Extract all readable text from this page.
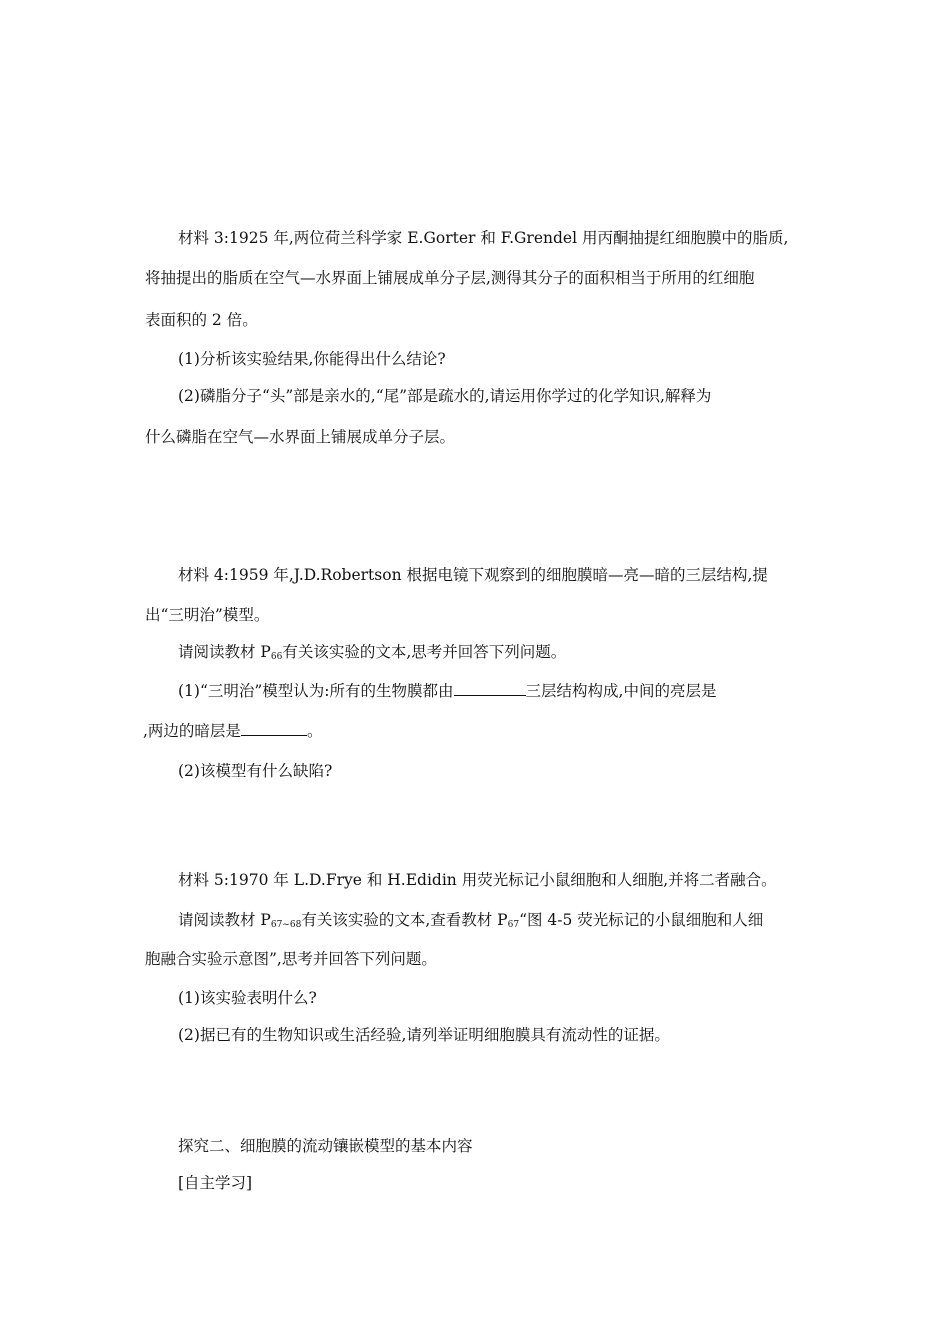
材料 3:1925 年,两位荷兰科学家 E.Gorter 和 F.Grendel 用丙酮抽提红细胞膜中的脂质,
将抽提出的脂质在空气—水界面上铺展成单分子层,测得其分子的面积相当于所用的红细胞
表面积的 2 倍。
(1)分析该实验结果,你能得出什么结论?
(2)磷脂分子“头”部是亲水的,“尾”部是疏水的,请运用你学过的化学知识,解释为
什么磷脂在空气—水界面上铺展成单分子层。
材料 4:1959 年,J.D.Robertson 根据电镜下观察到的细胞膜暗—亮—暗的三层结构,提
出“三明治”模型。
请阅读教材 $P_{66}$有关该实验的文本,思考并回答下列问题。
(1)“三明治”模型认为:所有的生物膜都由	三层结构构成,中间的亮层是
,两边的暗层是	。
(2)该模型有什么缺陷?
材料 5:1970 年 L.D.Frye 和 H.Edidin 用荧光标记小鼠细胞和人细胞,并将二者融合。
请阅读教材 $P_{67\sim 68}$有关该实验的文本,查看教材 $P_{67}“$图 4-5 荧光标记的小鼠细胞和人细
胞融合实验示意图”,思考并回答下列问题。
(1)该实验表明什么?
(2)据已有的生物知识或生活经验,请列举证明细胞膜具有流动性的证据。
探究二、细胞膜的流动镶嵌模型的基本内容
[自主学习]
